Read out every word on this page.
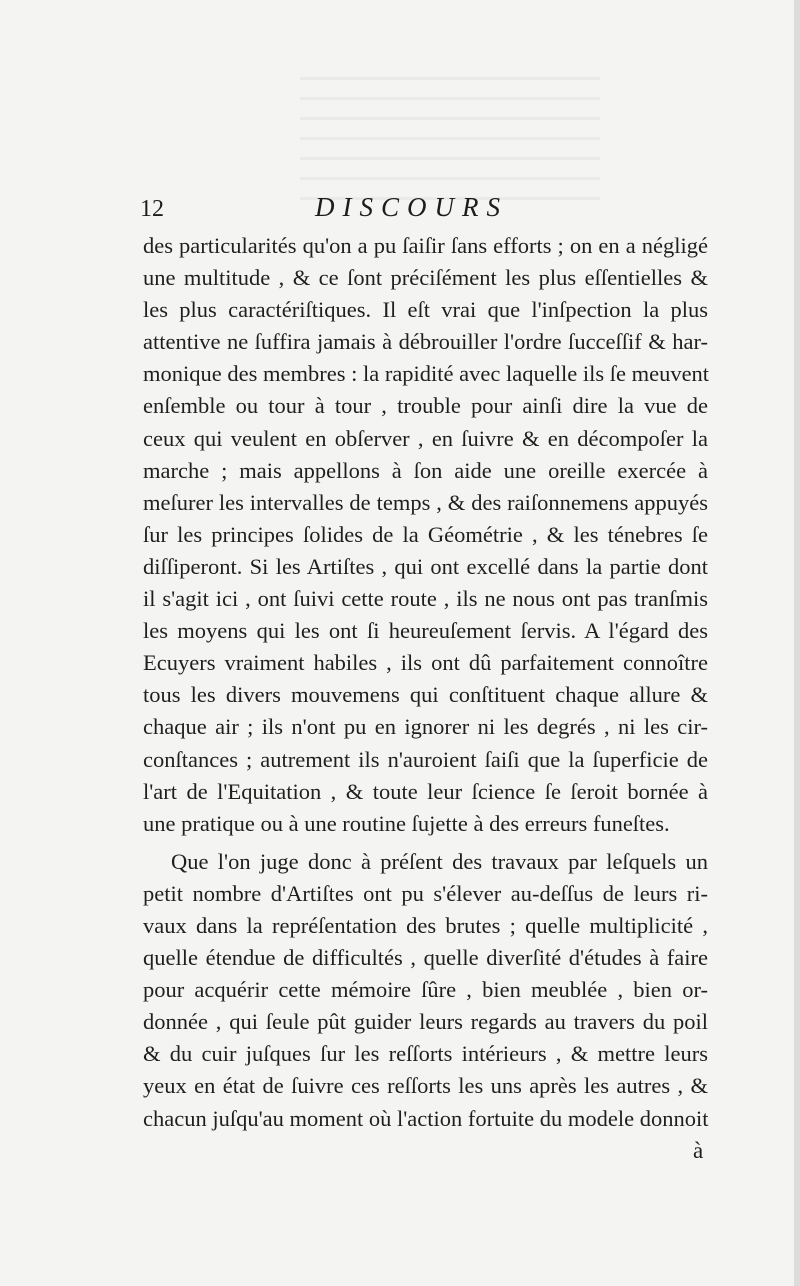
12	DISCOURS
des particularités qu'on a pu ſaiſir ſans efforts ; on en a négligé
une multitude , & ce ſont préciſément les plus eſſentielles &
les plus caractériſtiques. Il eſt vrai que l'inſpection la plus
attentive ne ſuffira jamais à débrouiller l'ordre ſucceſſif & har-
monique des membres : la rapidité avec laquelle ils ſe meuvent
enſemble ou tour à tour , trouble pour ainſi dire la vue de
ceux qui veulent en obſerver , en ſuivre & en décompoſer la
marche ; mais appellons à ſon aide une oreille exercée à
meſurer les intervalles de temps , & des raiſonnemens appuyés
ſur les principes ſolides de la Géométrie , & les ténebres ſe
diſſiperont. Si les Artiſtes , qui ont excellé dans la partie dont
il s'agit ici , ont ſuivi cette route , ils ne nous ont pas tranſmis
les moyens qui les ont ſi heureuſement ſervis. A l'égard des
Ecuyers vraiment habiles , ils ont dû parfaitement connoître
tous les divers mouvemens qui conſtituent chaque allure &
chaque air ; ils n'ont pu en ignorer ni les degrés , ni les cir-
conſtances ; autrement ils n'auroient ſaiſi que la ſuperficie de
l'art de l'Equitation , & toute leur ſcience ſe ſeroit bornée à
une pratique ou à une routine ſujette à des erreurs funeſtes.
Que l'on juge donc à préſent des travaux par leſquels un
petit nombre d'Artiſtes ont pu s'élever au-deſſus de leurs ri-
vaux dans la repréſentation des brutes ; quelle multiplicité ,
quelle étendue de difficultés , quelle diverſité d'études à faire
pour acquérir cette mémoire ſûre , bien meublée , bien or-
donnée , qui ſeule pût guider leurs regards au travers du poil
& du cuir juſques ſur les reſſorts intérieurs , & mettre leurs
yeux en état de ſuivre ces reſſorts les uns après les autres , &
chacun juſqu'au moment où l'action fortuite du modele donnoit
à
